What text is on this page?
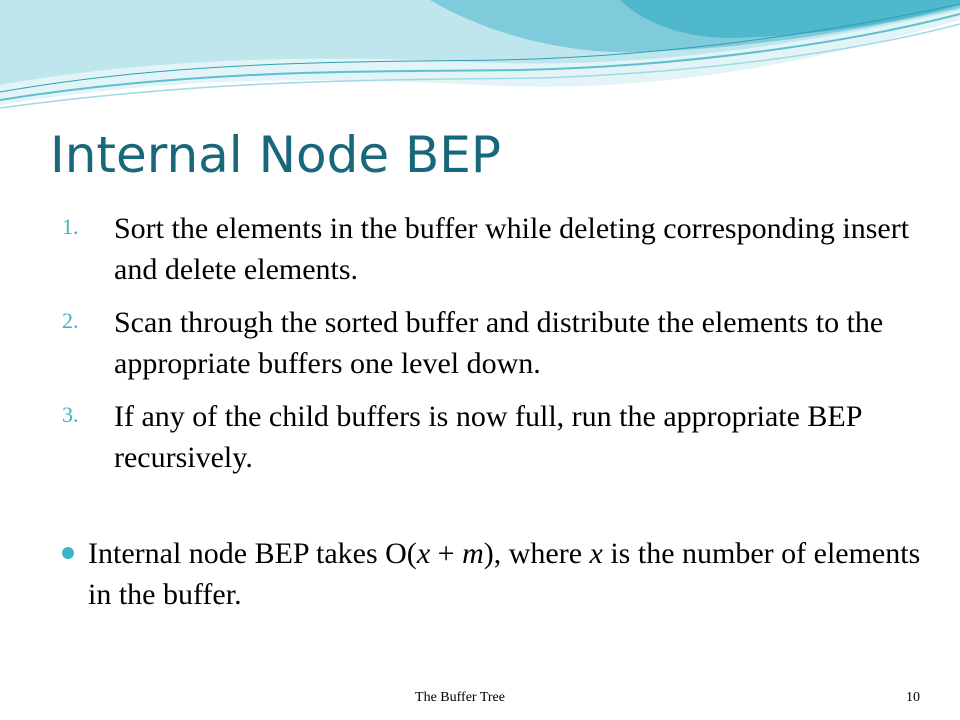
Internal Node BEP
1. Sort the elements in the buffer while deleting corresponding insert and delete elements.
2. Scan through the sorted buffer and distribute the elements to the appropriate buffers one level down.
3. If any of the child buffers is now full, run the appropriate BEP recursively.
Internal node BEP takes O(x + m), where x is the number of elements in the buffer.
The Buffer Tree	10
